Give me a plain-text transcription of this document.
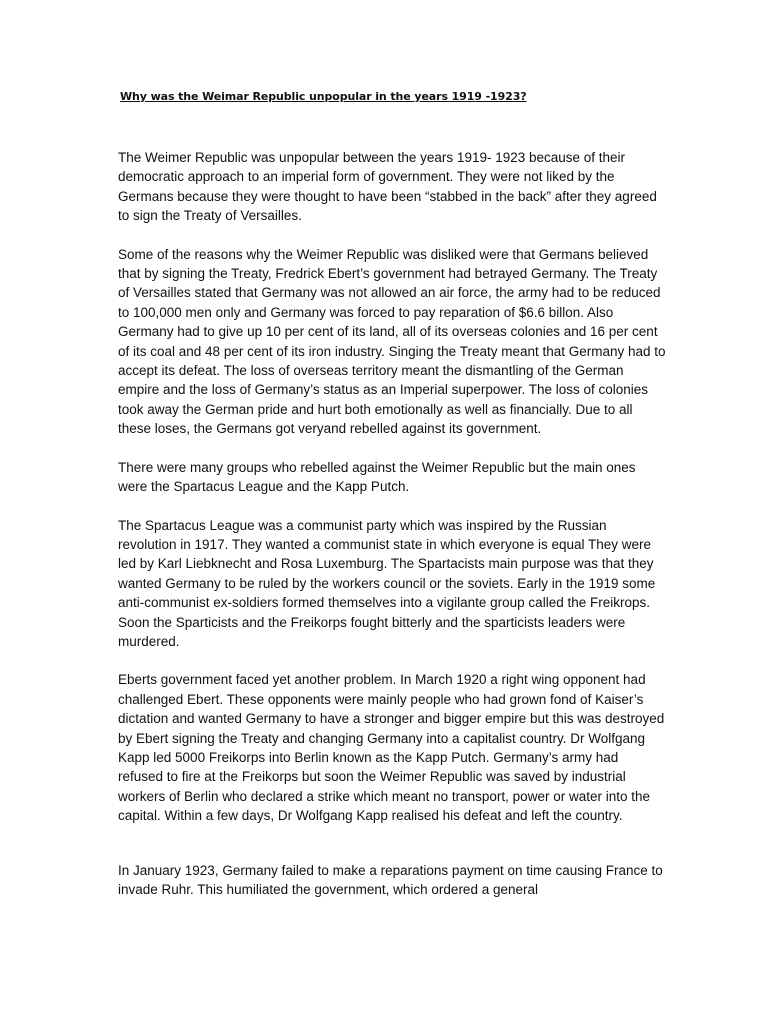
Why was the Weimar Republic unpopular in the years 1919 -1923?

The Weimer Republic was unpopular between the years 1919- 1923 because of their democratic approach to an imperial form of government. They were not liked by the Germans because they were thought to have been “stabbed in the back” after they agreed to sign the Treaty of Versailles.

Some of the reasons why the Weimer Republic was disliked were that Germans believed that by signing the Treaty, Fredrick Ebert’s government had betrayed Germany. The Treaty of Versailles stated that Germany was not allowed an air force, the army had to be reduced to 100,000 men only and Germany was forced to pay reparation of $6.6 billon. Also Germany had to give up 10 per cent of its land, all of its overseas colonies and 16 per cent of its coal and 48 per cent of its iron industry. Singing the Treaty meant that Germany had to accept its defeat. The loss of overseas territory meant the dismantling of the German empire and the loss of Germany’s status as an Imperial superpower. The loss of colonies took away the German pride and hurt both emotionally as well as financially. Due to all these loses, the Germans got veryand rebelled against its government.

There were many groups who rebelled against the Weimer Republic but the main ones were the Spartacus League and the Kapp Putch.

The Spartacus League was a communist party which was inspired by the Russian revolution in 1917. They wanted a communist state in which everyone is equal They were led by Karl Liebknecht and Rosa Luxemburg. The Spartacists main purpose was that they wanted Germany to be ruled by the workers council or the soviets. Early in the 1919 some anti-communist ex-soldiers formed themselves into a vigilante group called the Freikrops. Soon the Sparticists and the Freikorps fought bitterly and the sparticists leaders were murdered.

Eberts government faced yet another problem. In March 1920 a right wing opponent had challenged Ebert. These opponents were mainly people who had grown fond of Kaiser’s dictation and wanted Germany to have a stronger and bigger empire but this was destroyed by Ebert signing the Treaty and changing Germany into a capitalist country. Dr Wolfgang Kapp led 5000 Freikorps into Berlin known as the Kapp Putch. Germany’s army had refused to fire at the Freikorps but soon the Weimer Republic was saved by industrial workers of Berlin who declared a strike which meant no transport, power or water into the capital. Within a few days, Dr Wolfgang Kapp realised his defeat and left the country.

In January 1923, Germany failed to make a reparations payment on time causing France to invade Ruhr. This humiliated the government, which ordered a general
